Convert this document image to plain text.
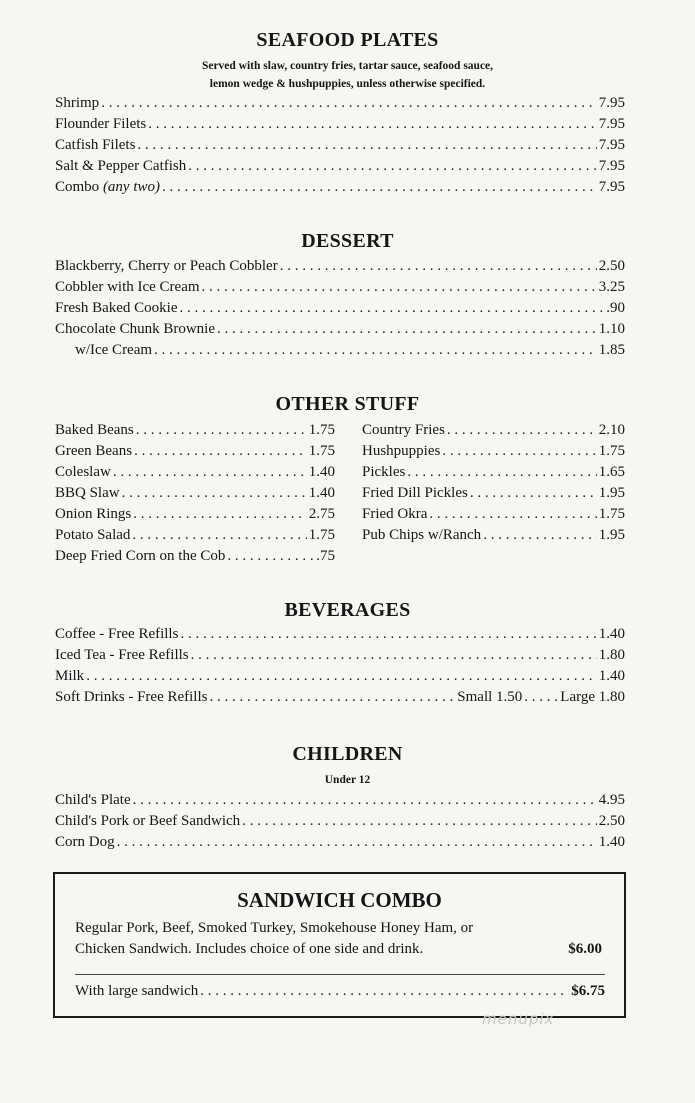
SEAFOOD PLATES
Served with slaw, country fries, tartar sauce, seafood sauce,
lemon wedge & hushpuppies, unless otherwise specified.
Shrimp . . .	7.95
Flounder Filets . . .	7.95
Catfish Filets . . .	7.95
Salt & Pepper Catfish . . .	7.95
Combo (any two) . . .	7.95
DESSERT
Blackberry, Cherry or Peach Cobbler . . .	2.50
Cobbler with Ice Cream . . .	3.25
Fresh Baked Cookie . . .	.90
Chocolate Chunk Brownie . . .	1.10
w/Ice Cream . . .	1.85
OTHER STUFF
Baked Beans . . .	1.75
Green Beans . . .	1.75
Coleslaw . . .	1.40
BBQ Slaw . . .	1.40
Onion Rings . . .	2.75
Potato Salad . . .	1.75
Deep Fried Corn on the Cob . . .	.75
Country Fries . . .	2.10
Hushpuppies . . .	1.75
Pickles . . .	1.65
Fried Dill Pickles . . .	1.95
Fried Okra . . .	1.75
Pub Chips w/Ranch . . .	1.95
BEVERAGES
Coffee - Free Refills . . .	1.40
Iced Tea - Free Refills . . .	1.80
Milk . . .	1.40
Soft Drinks - Free Refills . . .	Small 1.50 . . .	Large 1.80
CHILDREN
Under 12
Child's Plate . . .	4.95
Child's Pork or Beef Sandwich . . .	2.50
Corn Dog . . .	1.40
SANDWICH COMBO
Regular Pork, Beef, Smoked Turkey, Smokehouse Honey Ham, or
Chicken Sandwich. Includes choice of one side and drink.	$6.00
With large sandwich . . .	$6.75
menupix
